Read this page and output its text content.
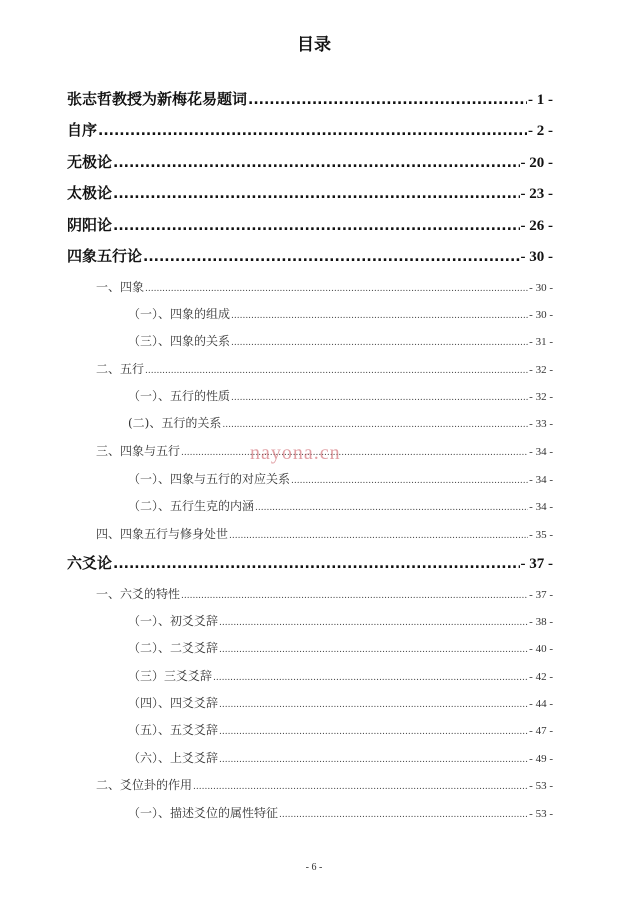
目录
张志哲教授为新梅花易题词 .....	- 1 -
自序 .....	- 2 -
无极论 .....	- 20 -
太极论 .....	- 23 -
阴阳论 .....	- 26 -
四象五行论 .....	- 30 -
一、四象 .....	- 30 -
（一）、四象的组成 .....	- 30 -
（三）、四象的关系 .....	- 31 -
二、五行 .....	- 32 -
（一）、五行的性质 .....	- 32 -
(二)、五行的关系 .....	- 33 -
三、四象与五行 .....	- 34 -
（一）、四象与五行的对应关系 .....	- 34 -
（二）、五行生克的内涵 .....	- 34 -
四、四象五行与修身处世 .....	- 35 -
六爻论 .....	- 37 -
一、六爻的特性 .....	- 37 -
（一）、初爻爻辞 .....	- 38 -
（二）、二爻爻辞 .....	- 40 -
（三）三爻爻辞 .....	- 42 -
（四）、四爻爻辞 .....	- 44 -
（五）、五爻爻辞 .....	- 47 -
（六）、上爻爻辞 .....	- 49 -
二、爻位卦的作用 .....	- 53 -
（一）、描述爻位的属性特征 .....	- 53 -
nayona.cn
- 6 -
